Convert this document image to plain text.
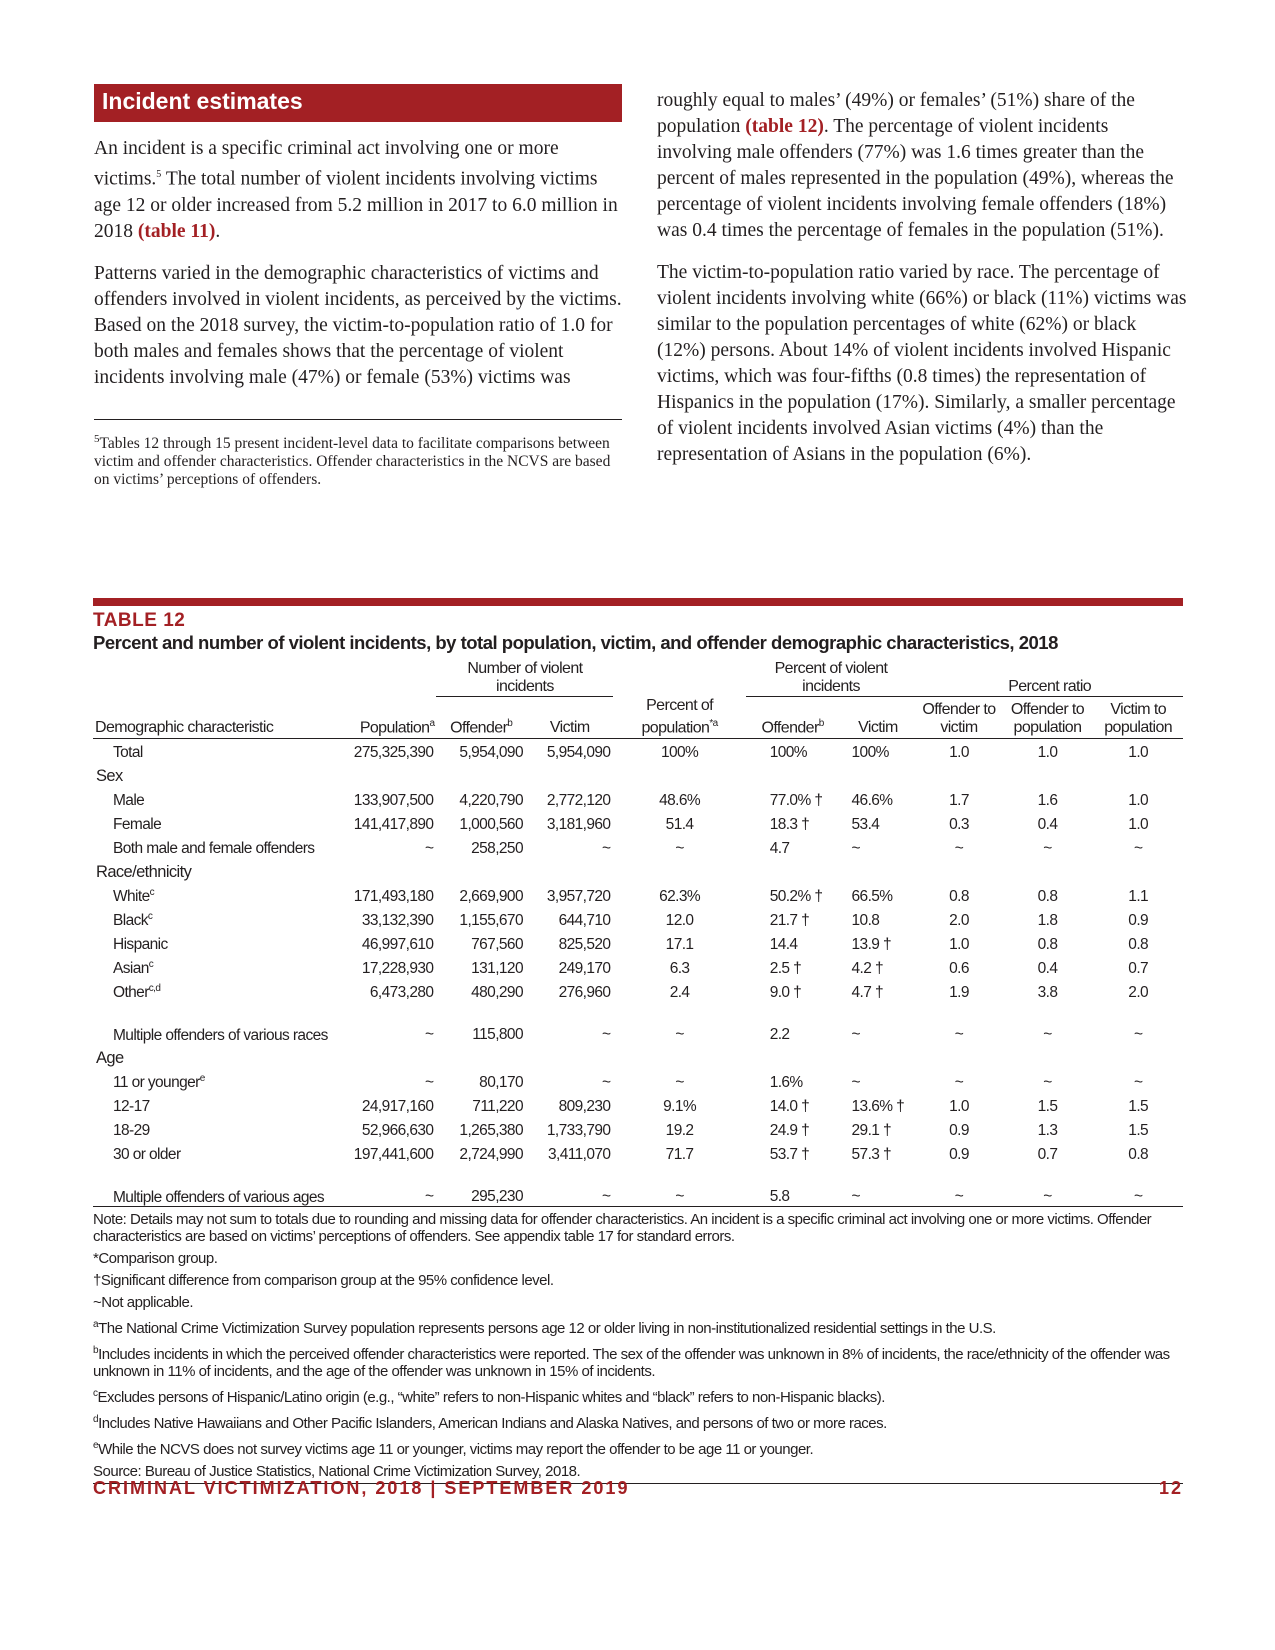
Incident estimates

An incident is a specific criminal act involving one or more victims.$^5$ The total number of violent incidents involving victims age 12 or older increased from 5.2 million in 2017 to 6.0 million in 2018 (table 11).

Patterns varied in the demographic characteristics of victims and offenders involved in violent incidents, as perceived by the victims. Based on the 2018 survey, the victim-to-population ratio of 1.0 for both males and females shows that the percentage of violent incidents involving male (47%) or female (53%) victims was

$^5$Tables 12 through 15 present incident-level data to facilitate comparisons between victim and offender characteristics. Offender characteristics in the NCVS are based on victims’ perceptions of offenders.

roughly equal to males’ (49%) or females’ (51%) share of the population (table 12). The percentage of violent incidents involving male offenders (77%) was 1.6 times greater than the percent of males represented in the population (49%), whereas the percentage of violent incidents involving female offenders (18%) was 0.4 times the percentage of females in the population (51%).

The victim-to-population ratio varied by race. The percentage of violent incidents involving white (66%) or black (11%) victims was similar to the population percentages of white (62%) or black (12%) persons. About 14% of violent incidents involved Hispanic victims, which was four-fifths (0.8 times) the representation of Hispanics in the population (17%). Similarly, a smaller percentage of violent incidents involved Asian victims (4%) than the representation of Asians in the population (6%).

TABLE 12
Percent and number of violent incidents, by total population, victim, and offender demographic characteristics, 2018
		Number of violent incidents			Percent of violent incidents		Percent ratio		
Demographic characteristic	Population$^a$	Offender$^b$	Victim	Percent of population$^{*a}$	Offender$^b$	Victim	Offender to victim	Offender to population	Victim to population
Total	275,325,390	5,954,090	5,954,090	100%	100%	100%	1.0	1.0	1.0
Sex									
Male	133,907,500	4,220,790	2,772,120	48.6%	77.0% †	46.6%	1.7	1.6	1.0
Female	141,417,890	1,000,560	3,181,960	51.4	18.3 †	53.4	0.3	0.4	1.0
Both male and female offenders	~	258,250	~	~	4.7	~	~	~	~
Race/ethnicity									
White$^c$	171,493,180	2,669,900	3,957,720	62.3%	50.2% †	66.5%	0.8	0.8	1.1
Black$^c$	33,132,390	1,155,670	644,710	12.0	21.7 †	10.8	2.0	1.8	0.9
Hispanic	46,997,610	767,560	825,520	17.1	14.4	13.9 †	1.0	0.8	0.8
Asian$^c$	17,228,930	131,120	249,170	6.3	2.5 †	4.2 †	0.6	0.4	0.7
Other$^{c,d}$	6,473,280	480,290	276,960	2.4	9.0 †	4.7 †	1.9	3.8	2.0
Multiple offenders of various races	~	115,800	~	~	2.2	~	~	~	~
Age									
11 or younger$^e$	~	80,170	~	~	1.6%	~	~	~	~
12-17	24,917,160	711,220	809,230	9.1%	14.0 †	13.6% †	1.0	1.5	1.5
18-29	52,966,630	1,265,380	1,733,790	19.2	24.9 †	29.1 †	0.9	1.3	1.5
30 or older	197,441,600	2,724,990	3,411,070	71.7	53.7 †	57.3 †	0.9	0.7	0.8
Multiple offenders of various ages	~	295,230	~	~	5.8	~	~	~	~
Note: Details may not sum to totals due to rounding and missing data for offender characteristics. An incident is a specific criminal act involving one or more victims. Offender characteristics are based on victims’ perceptions of offenders. See appendix table 17 for standard errors.
*Comparison group.
†Significant difference from comparison group at the 95% confidence level.
~Not applicable.
$^a$The National Crime Victimization Survey population represents persons age 12 or older living in non-institutionalized residential settings in the U.S.
$^b$Includes incidents in which the perceived offender characteristics were reported. The sex of the offender was unknown in 8% of incidents, the race/ethnicity of the offender was unknown in 11% of incidents, and the age of the offender was unknown in 15% of incidents.
$^c$Excludes persons of Hispanic/Latino origin (e.g., “white” refers to non-Hispanic whites and “black” refers to non-Hispanic blacks).
$^d$Includes Native Hawaiians and Other Pacific Islanders, American Indians and Alaska Natives, and persons of two or more races.
$^e$While the NCVS does not survey victims age 11 or younger, victims may report the offender to be age 11 or younger.
Source: Bureau of Justice Statistics, National Crime Victimization Survey, 2018.
CRIMINAL VICTIMIZATION, 2018 | SEPTEMBER 2019	12
